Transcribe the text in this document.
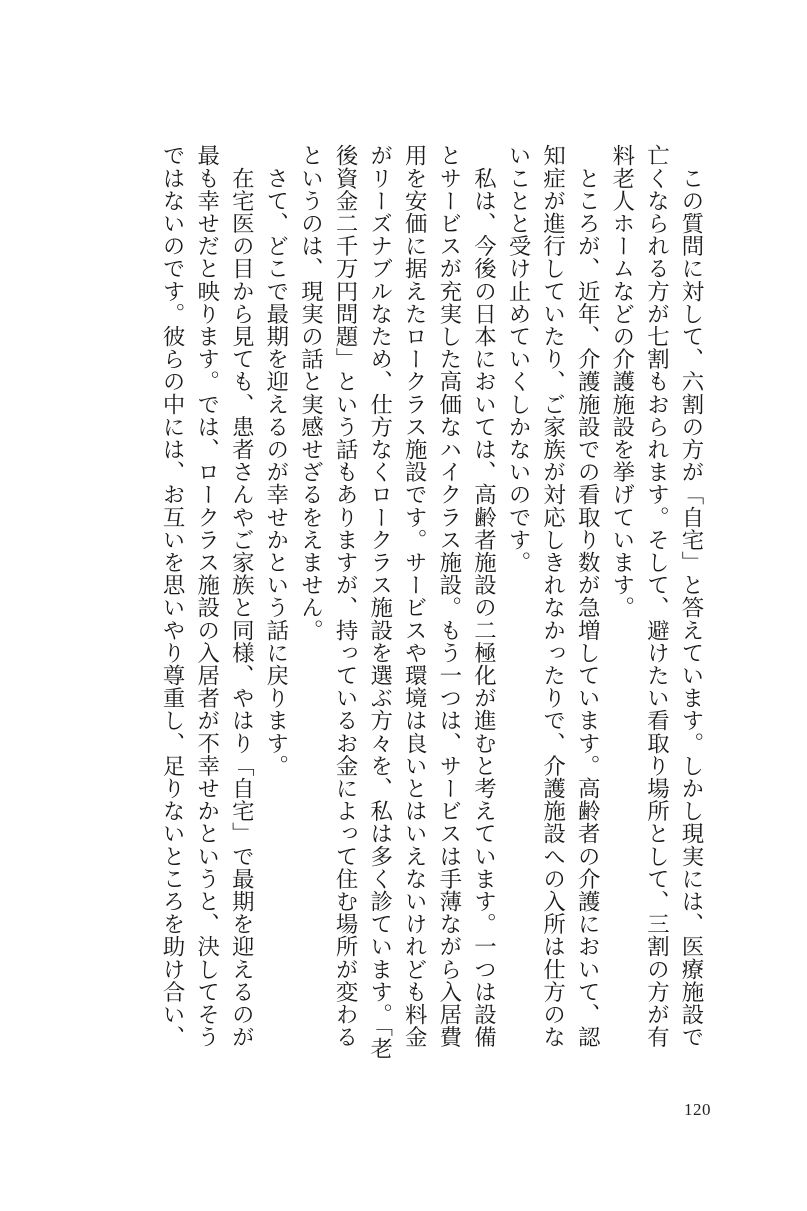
　この質問に対して、六割の方が「自宅」と答えています。しかし現実には、医療施設で亡くなられる方が七割もおられます。そして、避けたい看取り場所として、三割の方が有料老人ホームなどの介護施設を挙げています。

　ところが、近年、介護施設での看取り数が急増しています。高齢者の介護において、認知症が進行していたり、ご家族が対応しきれなかったりで、介護施設への入所は仕方のないことと受け止めていくしかないのです。

　私は、今後の日本においては、高齢者施設の二極化が進むと考えています。一つは設備とサービスが充実した高価なハイクラス施設。もう一つは、サービスは手薄ながら入居費用を安価に据えたロークラス施設です。サービスや環境は良いとはいえないけれども料金がリーズナブルなため、仕方なくロークラス施設を選ぶ方々を、私は多く診ています。「老後資金二千万円問題」という話もありますが、持っているお金によって住む場所が変わるというのは、現実の話と実感せざるをえません。

　さて、どこで最期を迎えるのが幸せかという話に戻ります。

　在宅医の目から見ても、患者さんやご家族と同様、やはり「自宅」で最期を迎えるのが最も幸せだと映ります。では、ロークラス施設の入居者が不幸せかというと、決してそうではないのです。彼らの中には、お互いを思いやり尊重し、足りないところを助け合い、

120
